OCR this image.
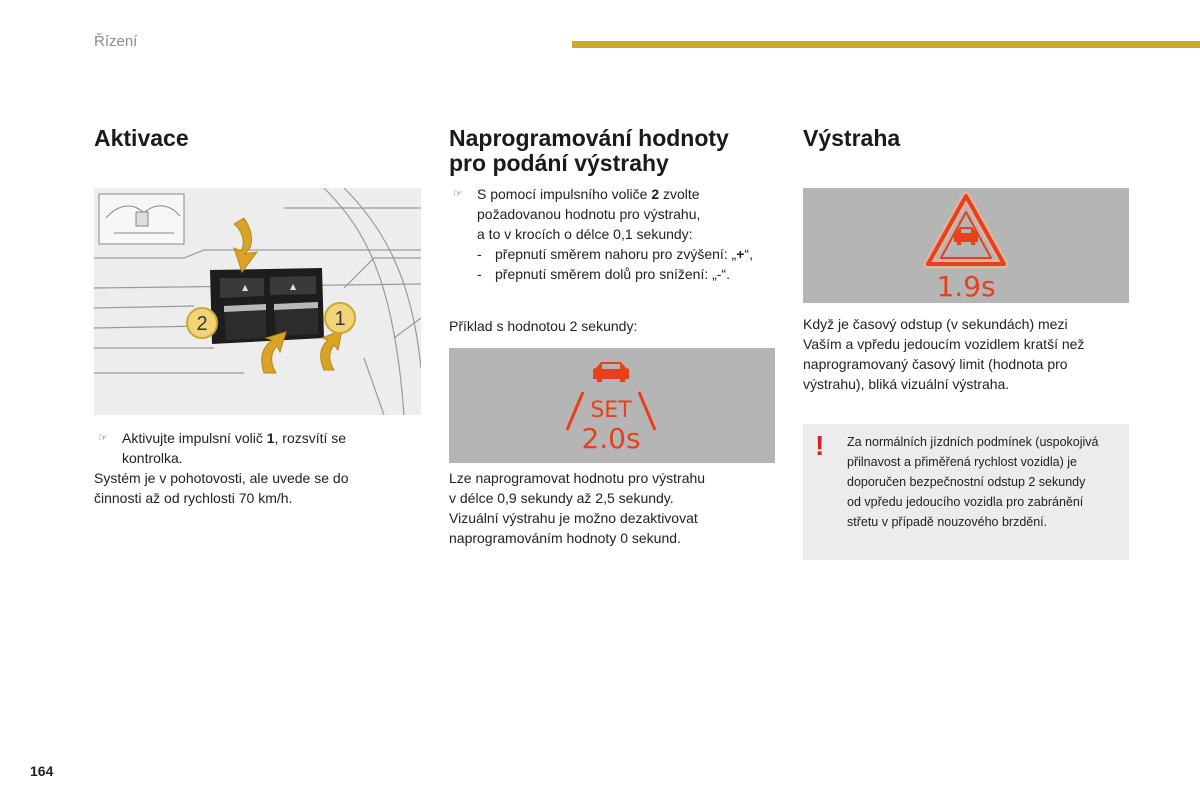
Řízení
Aktivace
▲	▲
2	1
☞ Aktivujte impulsní volič 1, rozsvítí se
kontrolka.
Systém je v pohotovosti, ale uvede se do
činnosti až od rychlosti 70 km/h.
Naprogramování hodnoty
pro podání výstrahy
☞ S pomocí impulsního voliče 2 zvolte
požadovanou hodnotu pro výstrahu,
a to v krocích o délce 0,1 sekundy:
- přepnutí směrem nahoru pro zvýšení: „+“,
- přepnutí směrem dolů pro snížení: „-“.
Příklad s hodnotou 2 sekundy:
SET
2.0s
Lze naprogramovat hodnotu pro výstrahu
v délce 0,9 sekundy až 2,5 sekundy.
Vizuální výstrahu je možno dezaktivovat
naprogramováním hodnoty 0 sekund.
Výstraha
1.9s
Když je časový odstup (v sekundách) mezi
Vaším a vpředu jedoucím vozidlem kratší než
naprogramovaný časový limit (hodnota pro
výstrahu), bliká vizuální výstraha.
! Za normálních jízdních podmínek (uspokojivá
přilnavost a přiměřená rychlost vozidla) je
doporučen bezpečnostní odstup 2 sekundy
od vpředu jedoucího vozidla pro zabránění
střetu v případě nouzového brzdění.
164
